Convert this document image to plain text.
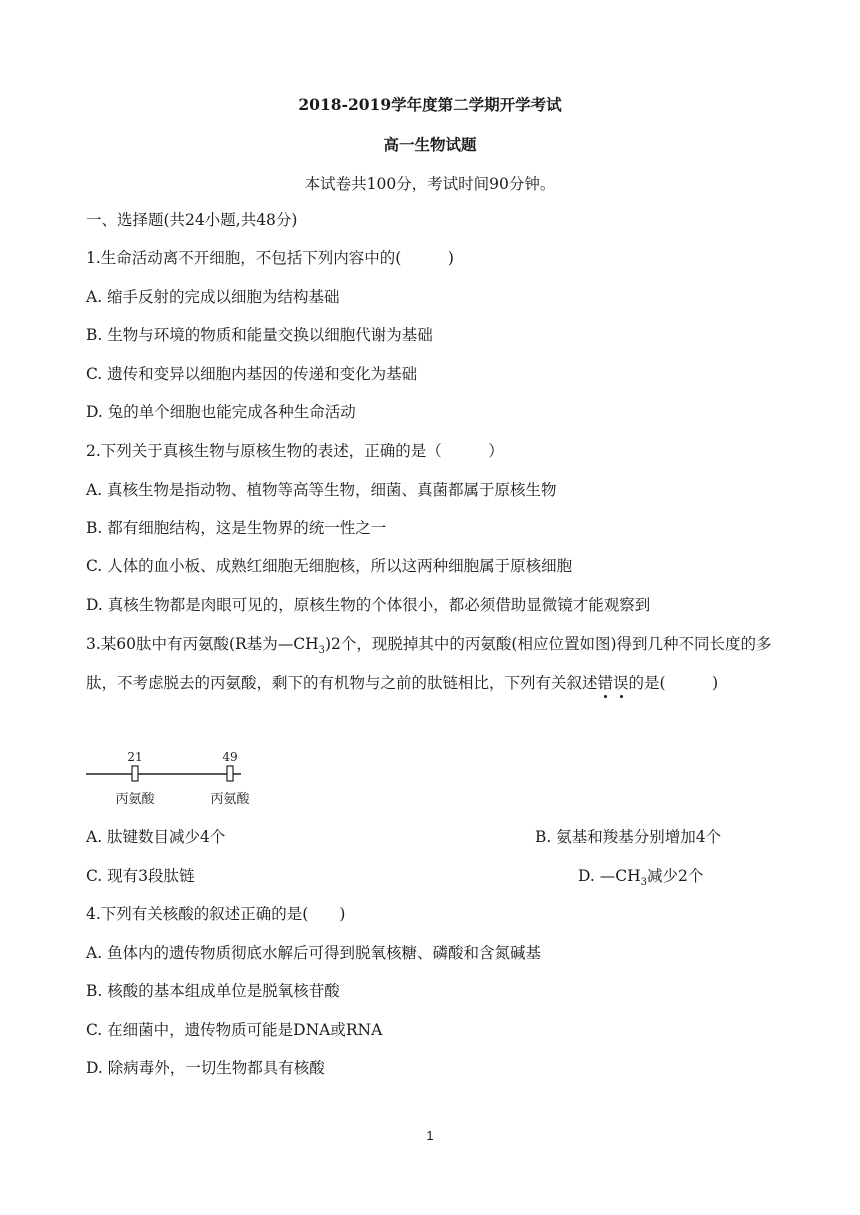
2018-2019学年度第二学期开学考试
高一生物试题
本试卷共100分，考试时间90分钟。
一、选择题(共24小题,共48分)
1.生命活动离不开细胞，不包括下列内容中的(　　　)
A. 缩手反射的完成以细胞为结构基础
B. 生物与环境的物质和能量交换以细胞代谢为基础
C. 遗传和变异以细胞内基因的传递和变化为基础
D. 兔的单个细胞也能完成各种生命活动
2.下列关于真核生物与原核生物的表述，正确的是（　　　）
A. 真核生物是指动物、植物等高等生物，细菌、真菌都属于原核生物
B. 都有细胞结构，这是生物界的统一性之一
C. 人体的血小板、成熟红细胞无细胞核，所以这两种细胞属于原核细胞
D. 真核生物都是肉眼可见的，原核生物的个体很小，都必须借助显微镜才能观察到
3.某60肽中有丙氨酸(R基为$—CH_3)2$个，现脱掉其中的丙氨酸(相应位置如图)得到几种不同长度的多肽，不考虑脱去的丙氨酸，剩下的有机物与之前的肽链相比，下列有关叙述错误的是(　　　)
21	49
丙氨酸	丙氨酸
A. 肽键数目减少4个	B. 氨基和羧基分别增加4个
C. 现有3段肽链	D. $—CH_3$减少2个
4.下列有关核酸的叙述正确的是(　　)
A. 鱼体内的遗传物质彻底水解后可得到脱氧核糖、磷酸和含氮碱基
B. 核酸的基本组成单位是脱氧核苷酸
C. 在细菌中，遗传物质可能是DNA或RNA
D. 除病毒外，一切生物都具有核酸
1
